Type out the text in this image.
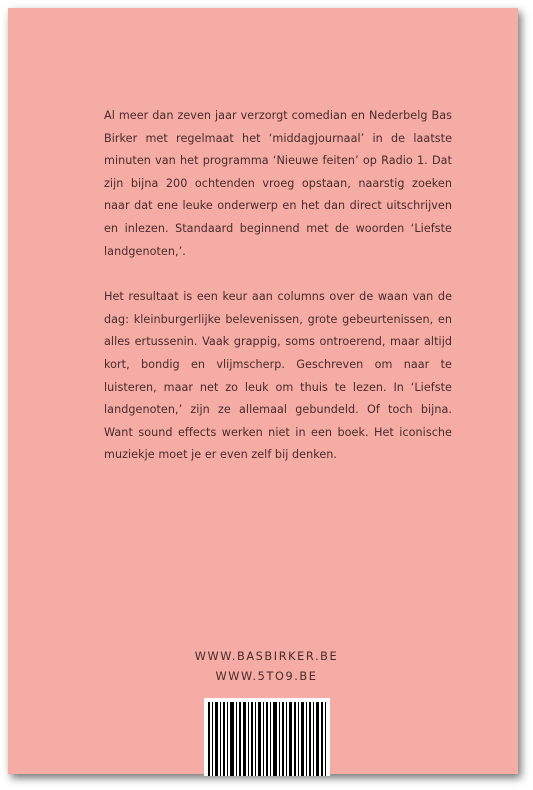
Al meer dan zeven jaar verzorgt comedian en Nederbelg Bas Birker met regelmaat het ‘middagjournaal’ in de laatste minuten van het programma ‘Nieuwe feiten’ op Radio 1. Dat zijn bijna 200 ochtenden vroeg opstaan, naarstig zoeken naar dat ene leuke onderwerp en het dan direct uitschrijven en inlezen. Standaard beginnend met de woorden ‘Liefste landgenoten,’.

Het resultaat is een keur aan columns over de waan van de dag: kleinburgerlijke belevenissen, grote gebeurtenissen, en alles ertussenin. Vaak grappig, soms ontroerend, maar altijd kort, bondig en vlijmscherp. Geschreven om naar te luisteren, maar net zo leuk om thuis te lezen. In ‘Liefste landgenoten,’ zijn ze allemaal gebundeld. Of toch bijna. Want sound effects werken niet in een boek. Het iconische muziekje moet je er even zelf bij denken.

WWW.BASBIRKER.BE
WWW.5TO9.BE
